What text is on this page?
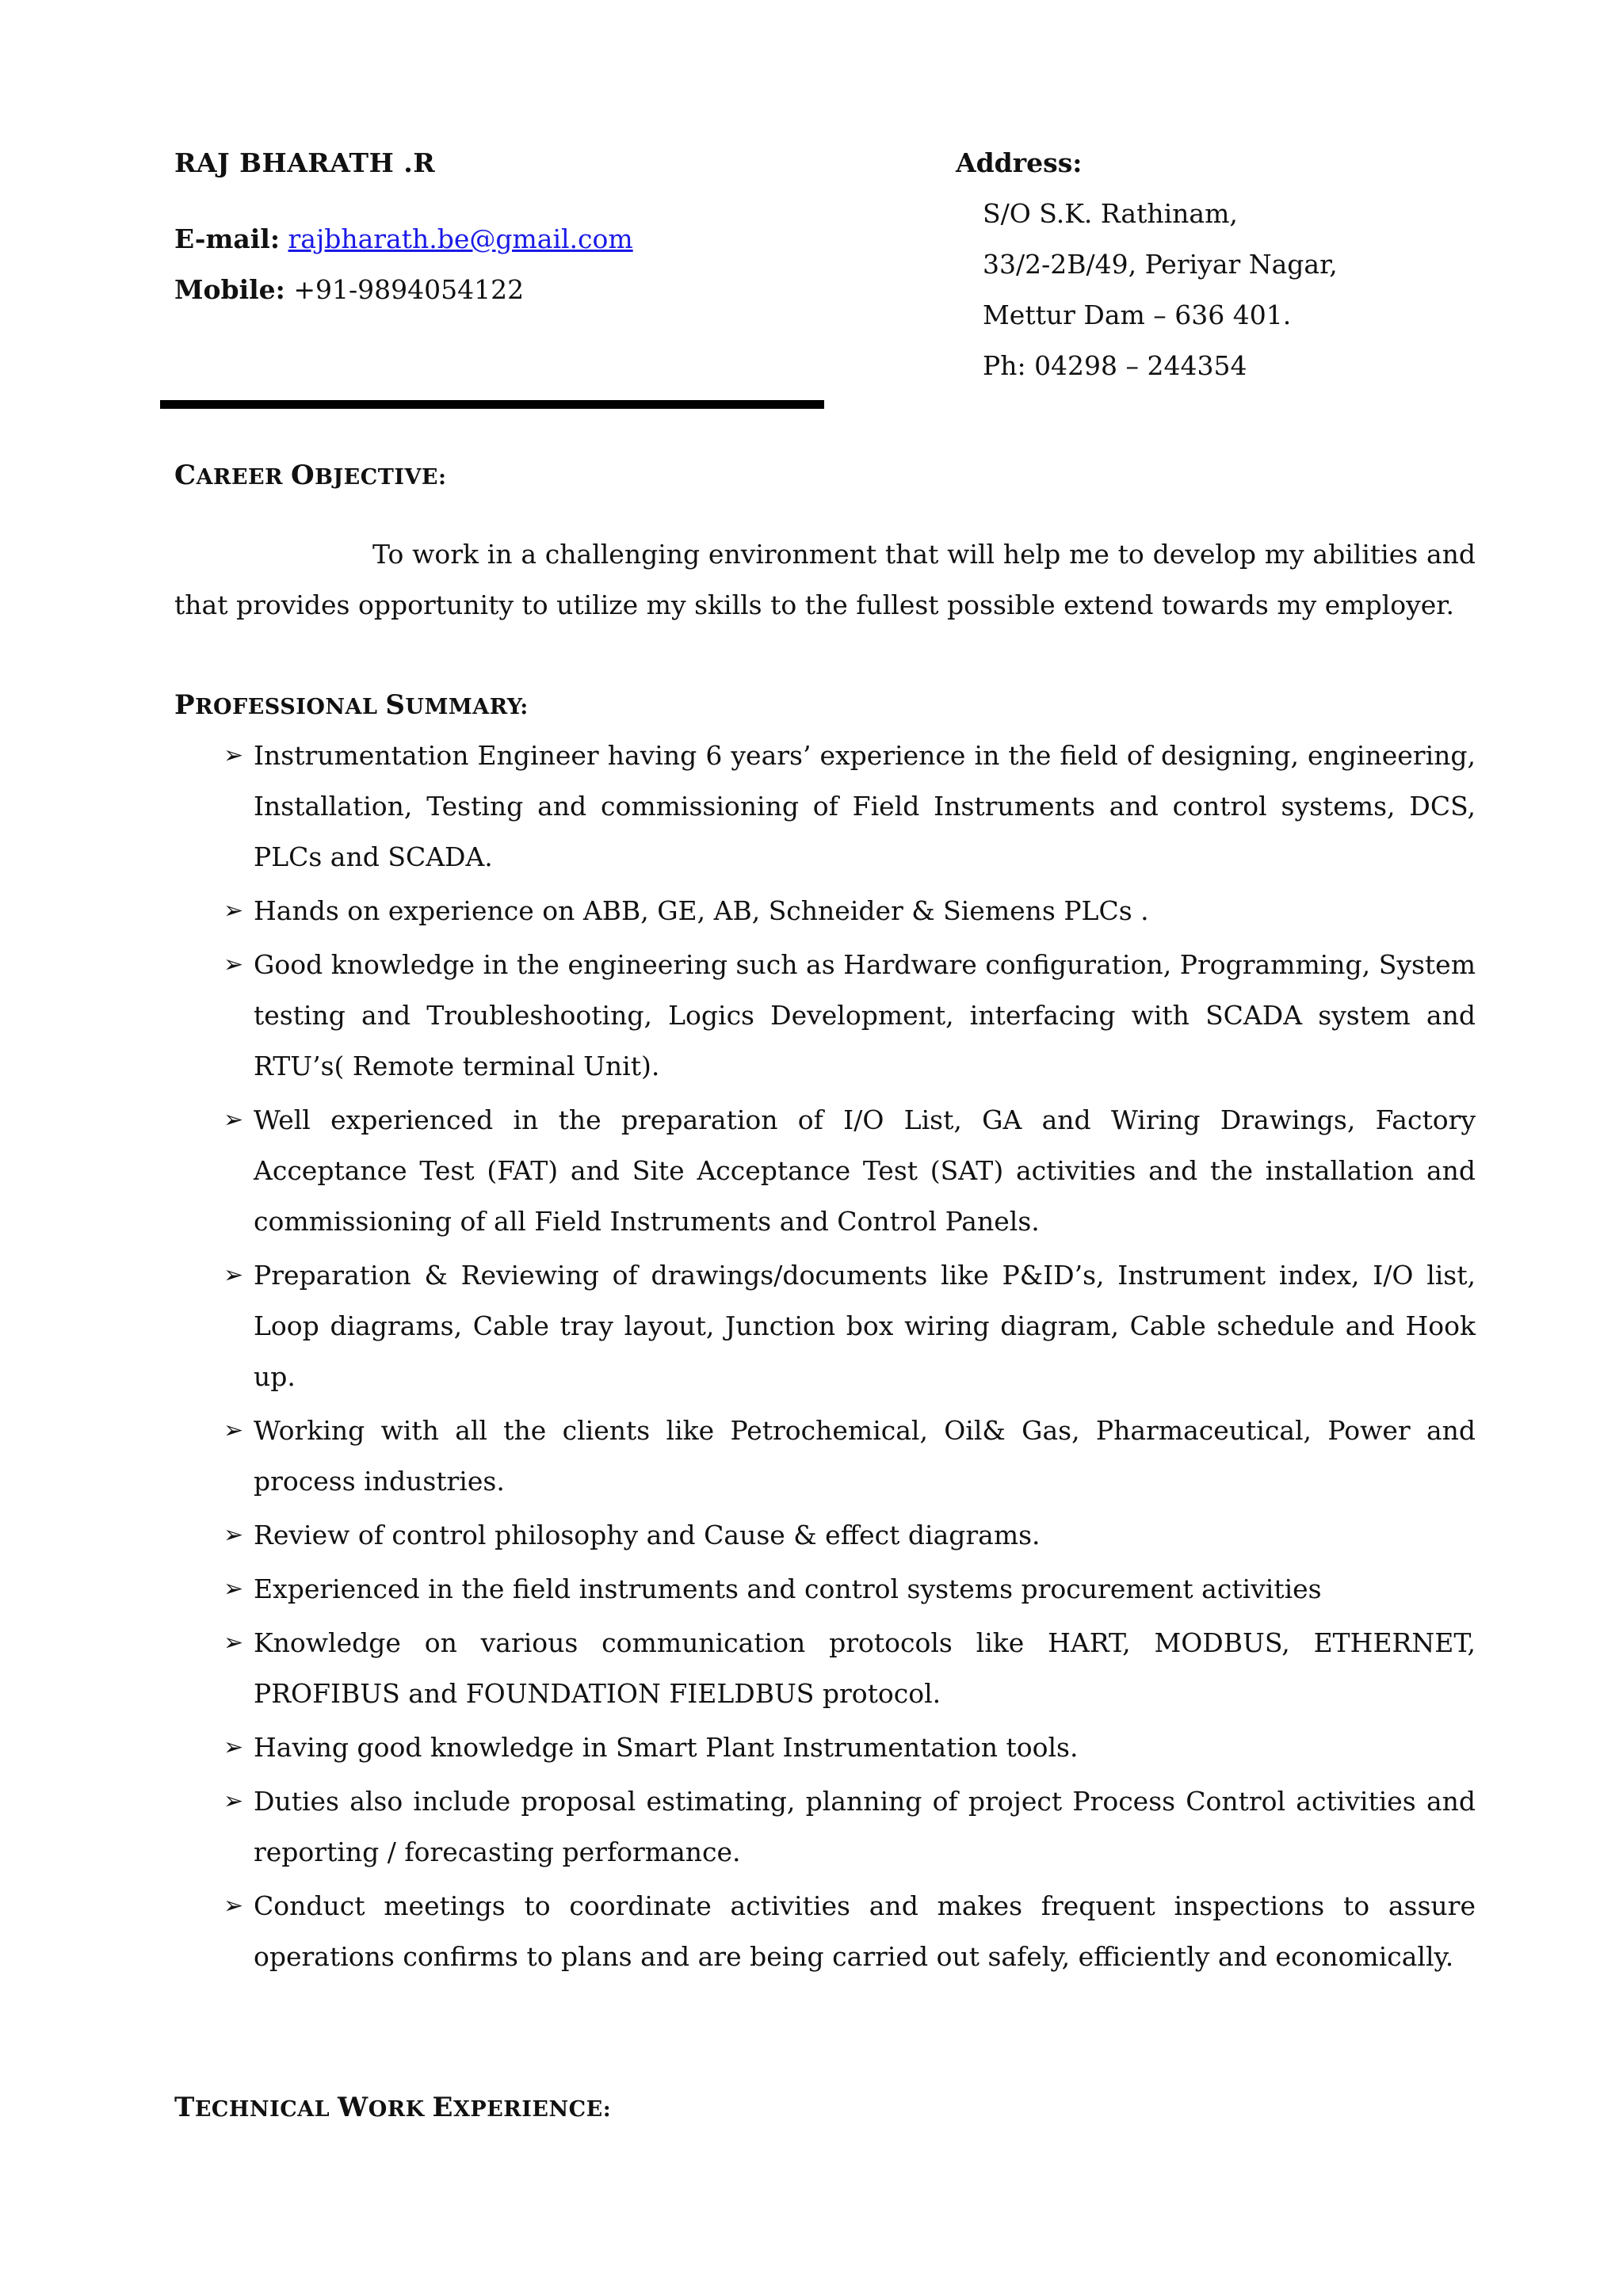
RAJ BHARATH .R
E-mail: rajbharath.be@gmail.com
Mobile: +91-9894054122
Address:
S/O S.K. Rathinam,
33/2-2B/49, Periyar Nagar,
Mettur Dam – 636 401.
Ph: 04298 – 244354
CAREER OBJECTIVE:

To work in a challenging environment that will help me to develop my abilities and that provides opportunity to utilize my skills to the fullest possible extend towards my employer.

PROFESSIONAL SUMMARY:
➢ Instrumentation Engineer having 6 years’ experience in the field of designing, engineering, Installation, Testing and commissioning of Field Instruments and control systems, DCS, PLCs and SCADA.
➢ Hands on experience on ABB, GE, AB, Schneider & Siemens PLCs .
➢ Good knowledge in the engineering such as Hardware configuration, Programming, System testing and Troubleshooting, Logics Development, interfacing with SCADA system and RTU’s( Remote terminal Unit).
➢ Well experienced in the preparation of I/O List, GA and Wiring Drawings, Factory Acceptance Test (FAT) and Site Acceptance Test (SAT) activities and the installation and commissioning of all Field Instruments and Control Panels.
➢ Preparation & Reviewing of drawings/documents like P&ID’s, Instrument index, I/O list, Loop diagrams, Cable tray layout, Junction box wiring diagram, Cable schedule and Hook up.
➢ Working with all the clients like Petrochemical, Oil& Gas, Pharmaceutical, Power and process industries.
➢ Review of control philosophy and Cause & effect diagrams.
➢ Experienced in the field instruments and control systems procurement activities
➢ Knowledge on various communication protocols like HART, MODBUS, ETHERNET, PROFIBUS and FOUNDATION FIELDBUS protocol.
➢ Having good knowledge in Smart Plant Instrumentation tools.
➢ Duties also include proposal estimating, planning of project Process Control activities and reporting / forecasting performance.
➢ Conduct meetings to coordinate activities and makes frequent inspections to assure operations confirms to plans and are being carried out safely, efficiently and economically.
TECHNICAL WORK EXPERIENCE:
